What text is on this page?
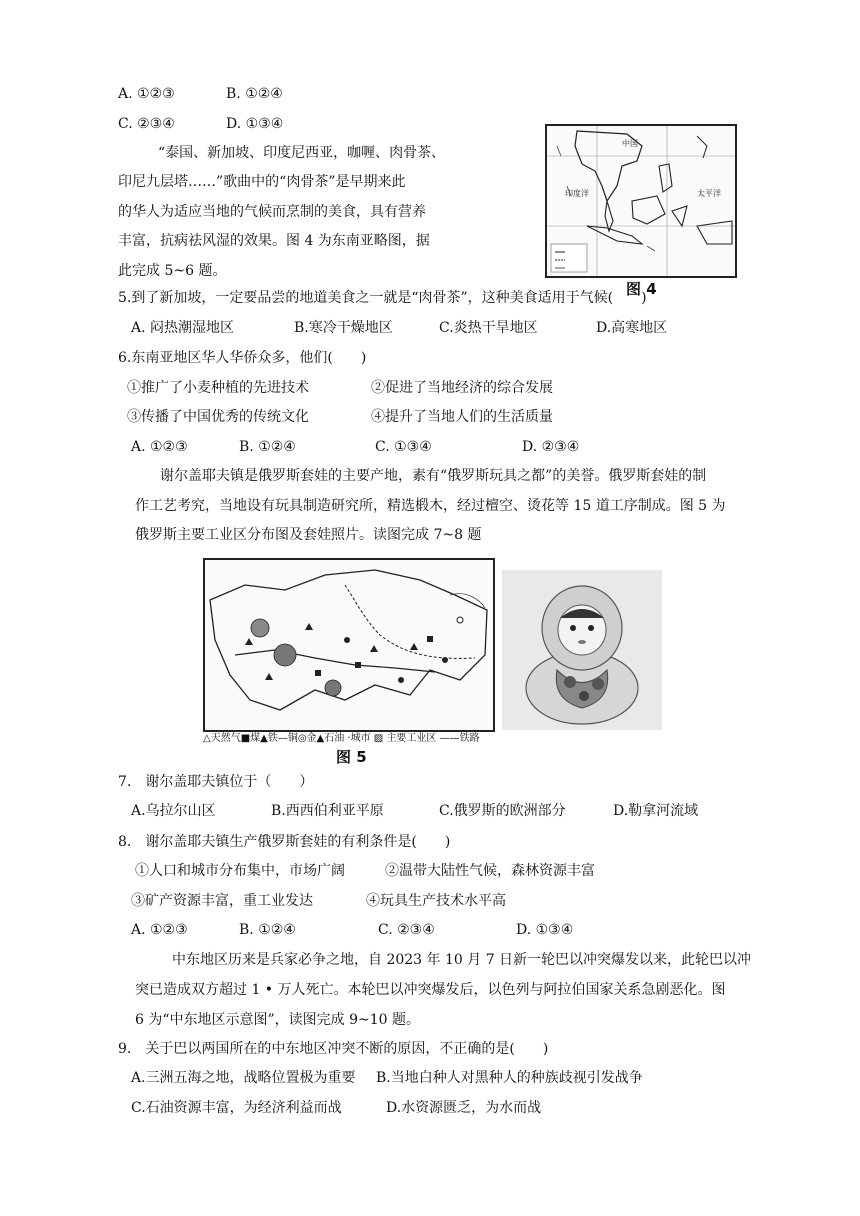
A. ①②③	B. ①②④
C. ②③④	D. ①③④
“泰国、新加坡、印度尼西亚，咖喱、肉骨茶、
印尼九层塔……”歌曲中的“肉骨茶”是早期来此
的华人为适应当地的气候而烹制的美食，具有营养
丰富，抗病祛风湿的效果。图 4 为东南亚略图，据
此完成 5~6 题。
中国
印度洋	太平洋
图 4
5.到了新加坡，一定要品尝的地道美食之一就是“肉骨茶”，这种美食适用于气候(　　)
A. 闷热潮湿地区	B.寒冷干燥地区	C.炎热干旱地区	D.高寒地区
6.东南亚地区华人华侨众多，他们(　　)
①推广了小麦种植的先进技术	②促进了当地经济的综合发展
③传播了中国优秀的传统文化	④提升了当地人们的生活质量
A. ①②③	B. ①②④	C. ①③④	D. ②③④
谢尔盖耶夫镇是俄罗斯套娃的主要产地，素有“俄罗斯玩具之都”的美誉。俄罗斯套娃的制
作工艺考究，当地设有玩具制造研究所，精选椴木，经过檀空、烫花等 15 道工序制成。图 5 为
俄罗斯主要工业区分布图及套娃照片。读图完成 7~8 题
△天然气■煤▲铁—铜◎金▲石油 ·城市 ▨ 主要工业区 ——铁路
图 5
7.　谢尔盖耶夫镇位于（　　）
A.乌拉尔山区	B.西西伯利亚平原	C.俄罗斯的欧洲部分	D.勒拿河流域
8.　谢尔盖耶夫镇生产俄罗斯套娃的有利条件是(　　)
①人口和城市分布集中，市场广阔	②温带大陆性气候，森林资源丰富
③矿产资源丰富，重工业发达	④玩具生产技术水平高
A. ①②③	B. ①②④	C. ②③④	D. ①③④
中东地区历来是兵家必争之地，自 2023 年 10 月 7 日新一轮巴以冲突爆发以来，此轮巴以冲
突已造成双方超过 1 • 万人死亡。本轮巴以冲突爆发后，以色列与阿拉伯国家关系急剧恶化。图
6 为“中东地区示意图”，读图完成 9~10 题。
9.　关于巴以两国所在的中东地区冲突不断的原因，不正确的是(　　)
A.三洲五海之地，战略位置极为重要 B.当地白种人对黑种人的种族歧视引发战争
C.石油资源丰富，为经济利益而战	D.水资源匮乏，为水而战
